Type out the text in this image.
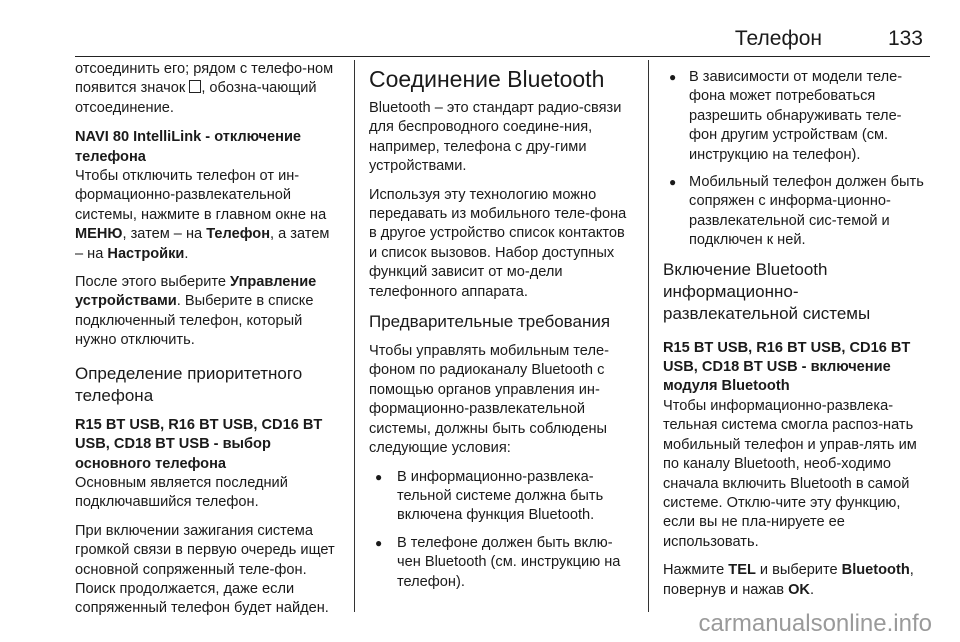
Телефон	133

отсоединить его; рядом с телефо-ном появится значок , обозна-чающий отсоединение.

NAVI 80 IntelliLink - отключение телефона

Чтобы отключить телефон от ин-формационно-развлекательной системы, нажмите в главном окне на МЕНЮ, затем – на Телефон, а затем – на Настройки.

После этого выберите Управление устройствами. Выберите в списке подключенный телефон, который нужно отключить.

Определение приоритетного телефона
R15 BT USB, R16 BT USB, CD16 BT USB, CD18 BT USB - выбор основного телефона

Основным является последний подключавшийся телефон.

При включении зажигания система громкой связи в первую очередь ищет основной сопряженный теле-фон. Поиск продолжается, даже если сопряженный телефон будет найден.

Соединение Bluetooth

Bluetooth – это стандарт радио-связи для беспроводного соедине-ния, например, телефона с дру-гими устройствами.

Используя эту технологию можно передавать из мобильного теле-фона в другое устройство список контактов и список вызовов. Набор доступных функций зависит от мо-дели телефонного аппарата.

Предварительные требования

Чтобы управлять мобильным теле-фоном по радиоканалу Bluetooth с помощью органов управления ин-формационно-развлекательной системы, должны быть соблюдены следующие условия:

● В информационно-развлека-тельной системе должна быть включена функция Bluetooth.
● В телефоне должен быть вклю-чен Bluetooth (см. инструкцию на телефон).
● В зависимости от модели теле-фона может потребоваться разрешить обнаруживать теле-фон другим устройствам (см. инструкцию на телефон).
● Мобильный телефон должен быть сопряжен с информа-ционно-развлекательной сис-темой и подключен к ней.
Включение Bluetooth информационно-развлекательной системы
R15 BT USB, R16 BT USB, CD16 BT USB, CD18 BT USB - включение модуля Bluetooth

Чтобы информационно-развлека-тельная система смогла распоз-нать мобильный телефон и управ-лять им по каналу Bluetooth, необ-ходимо сначала включить Bluetooth в самой системе. Отклю-чите эту функцию, если вы не пла-нируете ее использовать.

Нажмите TEL и выберите Bluetooth, повернув и нажав OK.

carmanualsonline.info
